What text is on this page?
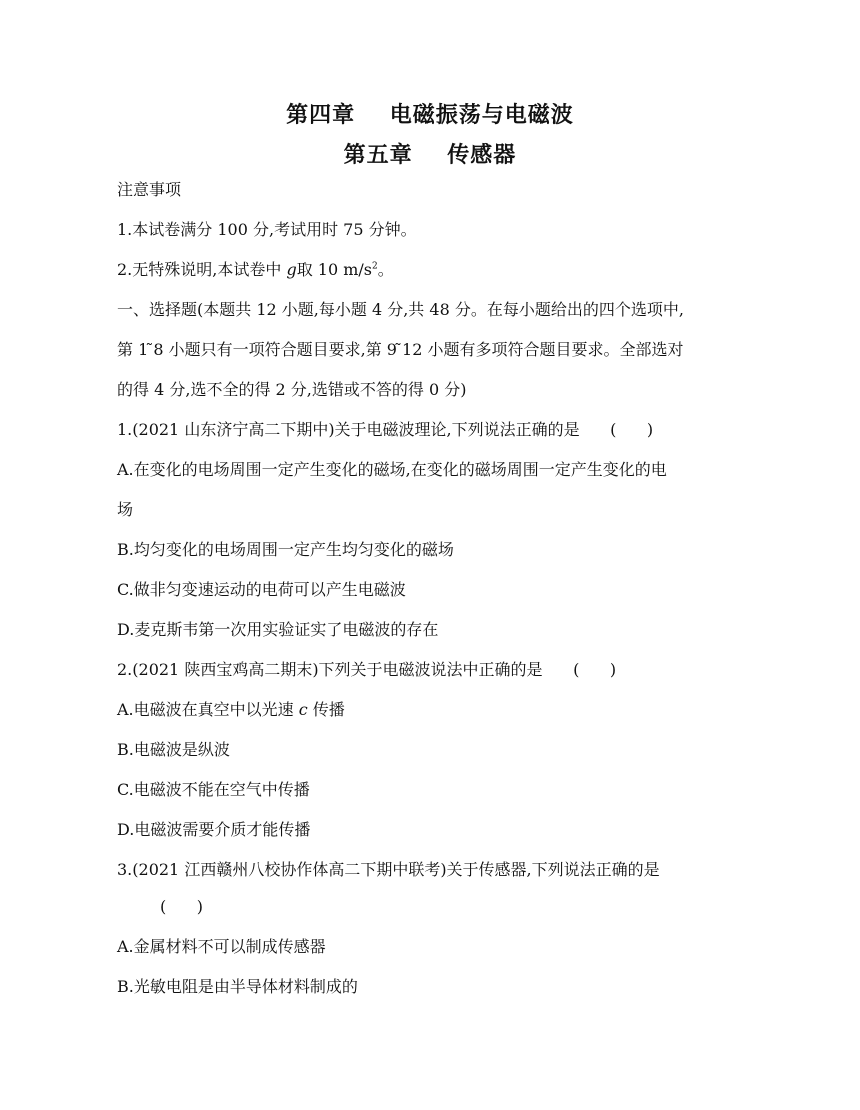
第四章    电磁振荡与电磁波
第五章    传感器
注意事项
1.本试卷满分 100 分,考试用时 75 分钟。
2.无特殊说明,本试卷中 g取 10 $m/s^2$。
一、选择题(本题共 12 小题,每小题 4 分,共 48 分。在每小题给出的四个选项中,
第 1 ̃8 小题只有一项符合题目要求,第 9 ̃12 小题有多项符合题目要求。全部选对
的得 4 分,选不全的得 2 分,选错或不答的得 0 分)
1.(2021 山东济宁高二下期中)关于电磁波理论,下列说法正确的是      (      )
A.在变化的电场周围一定产生变化的磁场,在变化的磁场周围一定产生变化的电
场
B.均匀变化的电场周围一定产生均匀变化的磁场
C.做非匀变速运动的电荷可以产生电磁波
D.麦克斯韦第一次用实验证实了电磁波的存在
2.(2021 陕西宝鸡高二期末)下列关于电磁波说法中正确的是      (      )
A.电磁波在真空中以光速 c 传播
B.电磁波是纵波
C.电磁波不能在空气中传播
D.电磁波需要介质才能传播
3.(2021 江西赣州八校协作体高二下期中联考)关于传感器,下列说法正确的是
(      )
A.金属材料不可以制成传感器
B.光敏电阻是由半导体材料制成的
